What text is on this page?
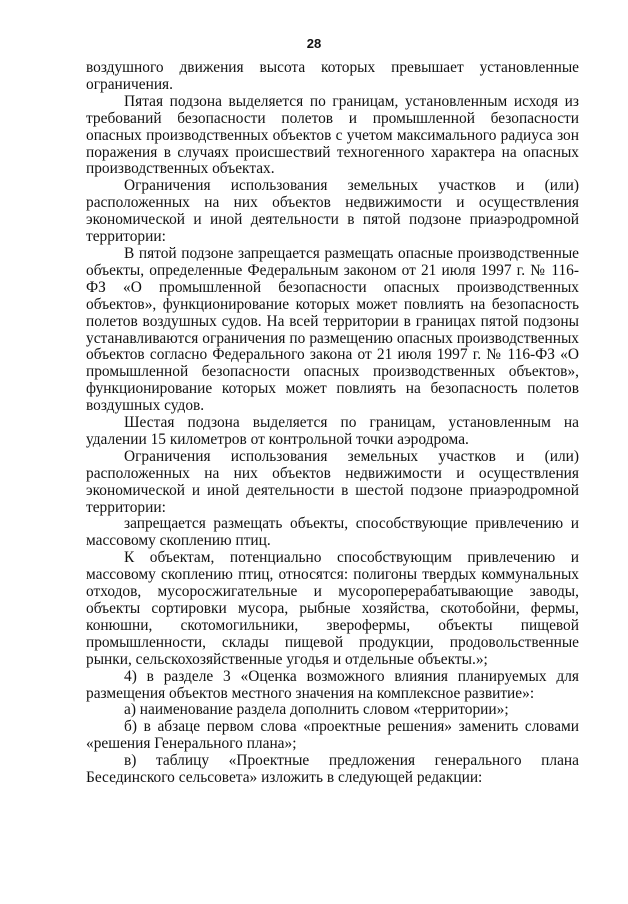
28

воздушного движения высота которых превышает установленные ограничения.

Пятая подзона выделяется по границам, установленным исходя из требований безопасности полетов и промышленной безопасности опасных производственных объектов с учетом максимального радиуса зон поражения в случаях происшествий техногенного характера на опасных производственных объектах.

Ограничения использования земельных участков и (или) расположенных на них объектов недвижимости и осуществления экономической и иной деятельности в пятой подзоне приаэродромной территории:

В пятой подзоне запрещается размещать опасные производственные объекты, определенные Федеральным законом от 21 июля 1997 г. № 116-ФЗ «О промышленной безопасности опасных производственных объектов», функционирование которых может повлиять на безопасность полетов воздушных судов. На всей территории в границах пятой подзоны устанавливаются ограничения по размещению опасных производственных объектов согласно Федерального закона от 21 июля 1997 г. № 116-ФЗ «О промышленной безопасности опасных производственных объектов», функционирование которых может повлиять на безопасность полетов воздушных судов.

Шестая подзона выделяется по границам, установленным на удалении 15 километров от контрольной точки аэродрома.

Ограничения использования земельных участков и (или) расположенных на них объектов недвижимости и осуществления экономической и иной деятельности в шестой подзоне приаэродромной территории:

запрещается размещать объекты, способствующие привлечению и массовому скоплению птиц.

К объектам, потенциально способствующим привлечению и массовому скоплению птиц, относятся: полигоны твердых коммунальных отходов, мусоросжигательные и мусороперерабатывающие заводы, объекты сортировки мусора, рыбные хозяйства, скотобойни, фермы, конюшни, скотомогильники, зверофермы, объекты пищевой промышленности, склады пищевой продукции, продовольственные рынки, сельскохозяйственные угодья и отдельные объекты.»;

4) в разделе 3 «Оценка возможного влияния планируемых для размещения объектов местного значения на комплексное развитие»:

а) наименование раздела дополнить словом «территории»;

б) в абзаце первом слова «проектные решения» заменить словами «решения Генерального плана»;

в) таблицу «Проектные предложения генерального плана Бесединского сельсовета» изложить в следующей редакции:
